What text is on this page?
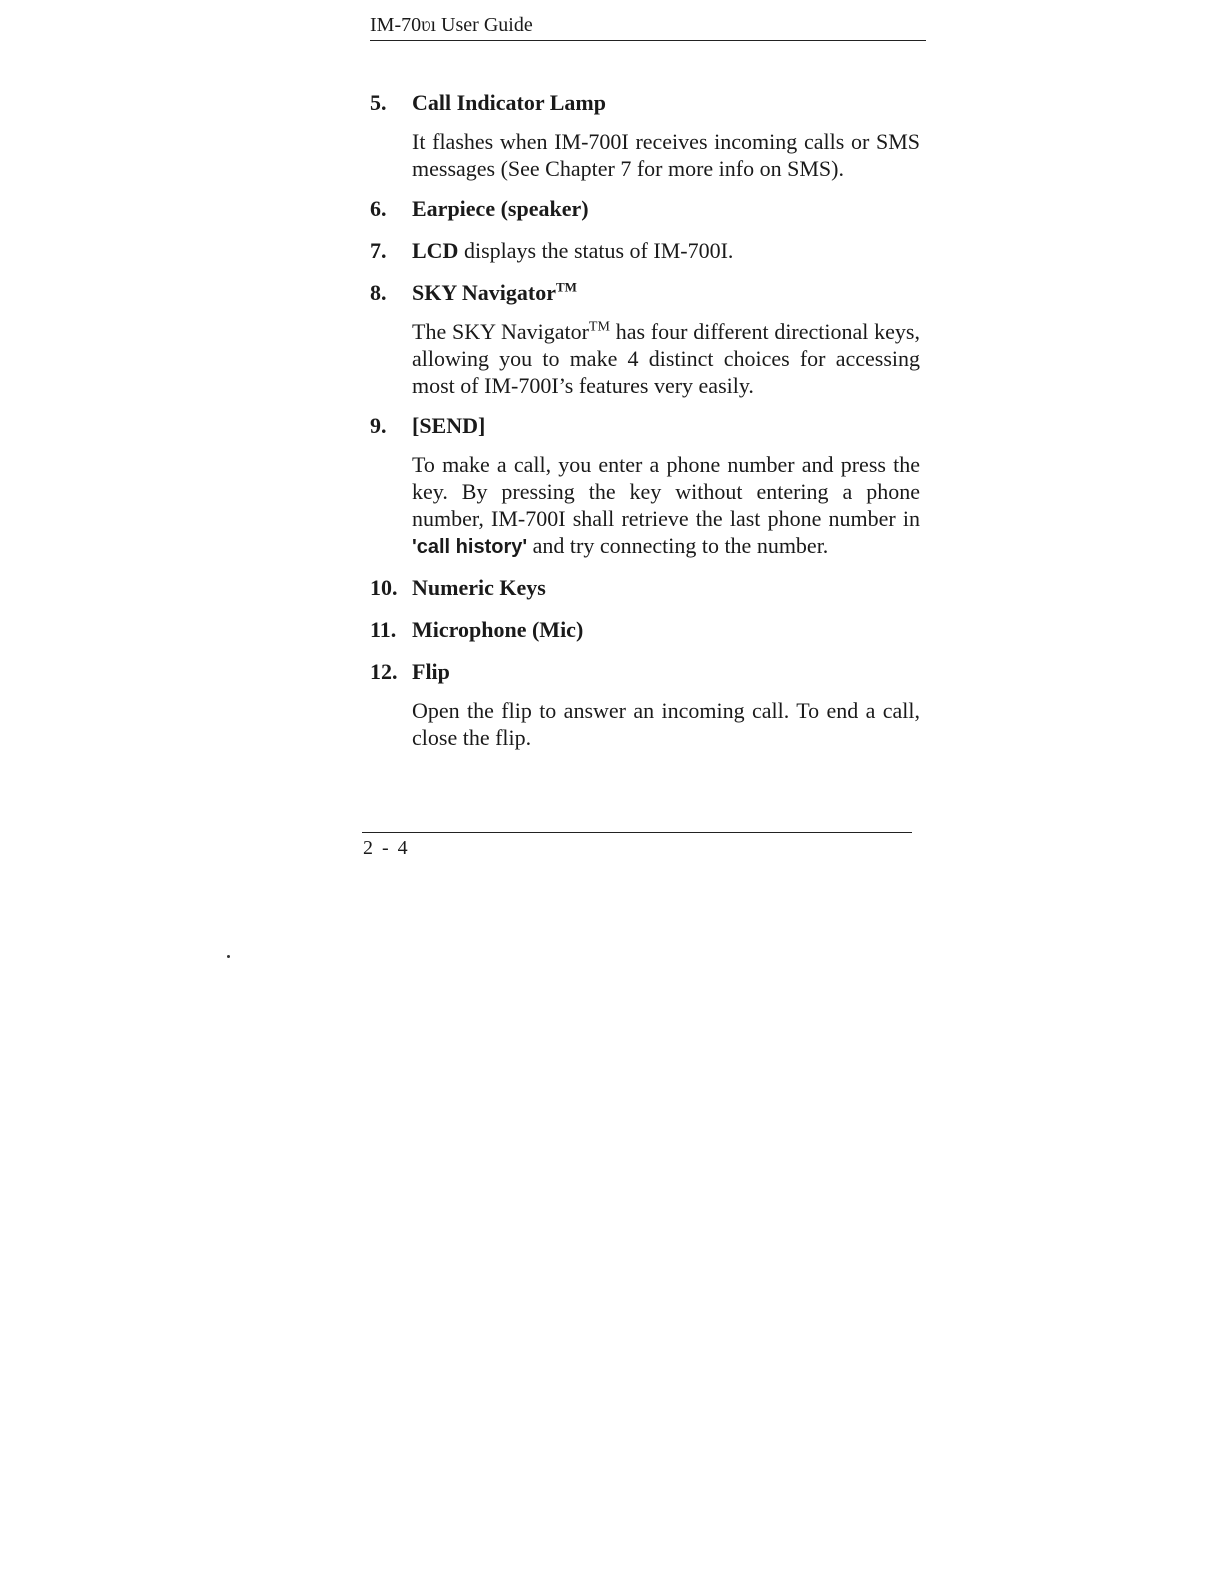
IM-70ʋı User Guide
5.	Call Indicator Lamp
It flashes when IM-700I receives incoming calls or SMS messages (See Chapter 7 for more info on SMS).
6.	Earpiece (speaker)
7.	LCD displays the status of IM-700I.
8.	SKY Navigator™
The SKY Navigator™ has four different directional keys, allowing you to make 4 distinct choices for accessing most of IM-700I’s features very easily.
9.	[SEND]
To make a call, you enter a phone number and press the key. By pressing the key without entering a phone number, IM-700I shall retrieve the last phone number in 'call history' and try connecting to the number.
10. Numeric Keys
11. Microphone (Mic)
12. Flip
Open the flip to answer an incoming call. To end a call, close the flip.
2 - 4
